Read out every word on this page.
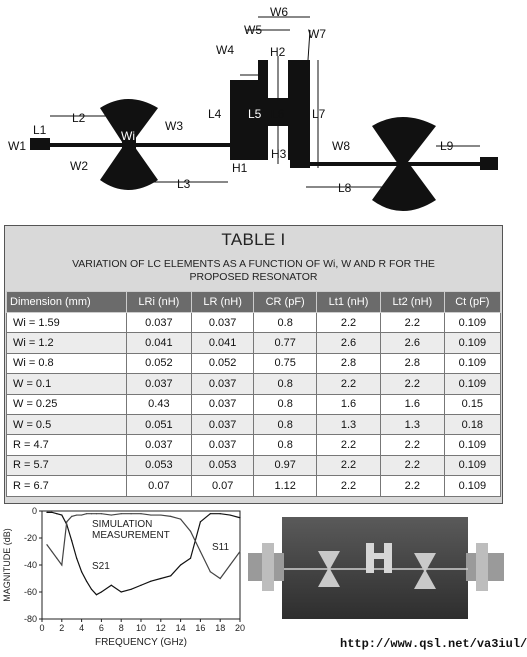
W1
L1
L2
Wi
W2
W3
L3
W4
L4
W5
W6
W7
H2
L5 L6
H3
L7
H1
W8
L8
L9
TABLE I
VARIATION OF LC ELEMENTS AS A FUNCTION OF Wi, W AND R FOR THE
PROPOSED RESONATOR
Dimension (mm)	LRi (nH)	LR (nH)	CR (pF)	Lt1 (nH)	Lt2 (nH)	Ct (pF)
Wi = 1.59	0.037	0.037	0.8	2.2	2.2	0.109
Wi = 1.2	0.041	0.041	0.77	2.6	2.6	0.109
Wi = 0.8	0.052	0.052	0.75	2.8	2.8	0.109
W = 0.1	0.037	0.037	0.8	2.2	2.2	0.109
W = 0.25	0.43	0.037	0.8	1.6	1.6	0.15
W = 0.5	0.051	0.037	0.8	1.3	1.3	0.18
R = 4.7	0.037	0.037	0.8	2.2	2.2	0.109
R = 5.7	0.053	0.053	0.97	2.2	2.2	0.109
R = 6.7	0.07	0.07	1.12	2.2	2.2	0.109
0 2 4 6 8 10 12 14 16 18 20
0
-20
-40
-60
-80
SIMULATION
MEASUREMENT
S21
S11
FREQUENCY (GHz)
MAGNITUDE (dB)
http://www.qsl.net/va3iul/
